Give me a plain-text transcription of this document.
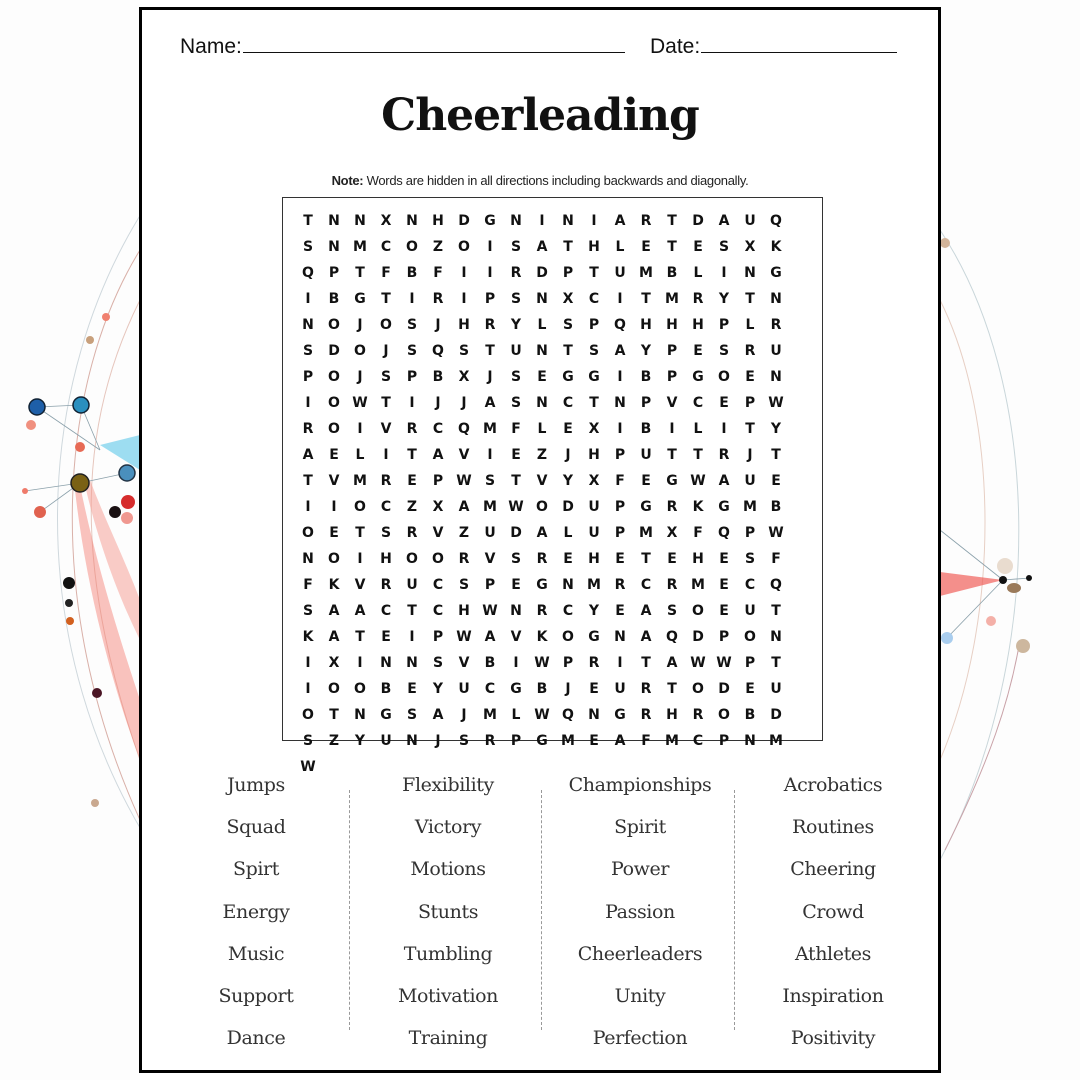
Name:	Date:
Cheerleading
Note: Words are hidden in all directions including backwards and diagonally.
T	N	N	X	N	H	D	G	N	I	N	I	A	R	T	D	A	U	Q
S	N M C	O	Z	O	I	S	A	T	H	L	E	T	E	S	X	K
Q	P	T	F	B	F	I	I	R	D	P	T	U M B	L	I	N	G
I	B	G	T	I	R	I	P	S	N	X	C	I	T	M R	Y	T	N
N	O	J	O	S	J	H	R	Y	L	S	P	Q	H	H	H	P	L	R
S	D	O	J	S	Q	S	T	U	N	T	S	A	Y	P	E	S	R	U
P	O	J	S	P	B	X	J	S	E	G	G	I	B	P	G	O	E	N
I	O W T	I	J	J	A	S	N	C	T	N	P	V	C	E	P W
R	O	I	V	R	C	Q M	F	L	E	X	I	B	I	L	I	T	Y
A	E	L	I	T	A	V	I	E	Z	J	H	P	U	T	T	R	J	T
T	V M R	E	P W S	T	V	Y	X	F	E	G W A	U	E
I	I	O	C	Z	X	A M W O	D	U	P	G	R	K	G M B
O	E	T	S	R	V	Z	U	D	A	L	U	P M X	F	Q	P W
N	O	I	H	O	O	R	V	S	R	E	H	E	T	E	H	E	S	F
F	K	V	R	U	C	S	P	E	G	N M R	C	R M	E	C	Q
S	A	A	C	T	C	H W N	R	C	Y	E	A	S	O	E	U	T
K	A	T	E	I	P W A	V	K	O	G	N	A	Q	D	P	O	N
I	X	I	N	N	S	V	B	I	W P	R	I	T	A W W P	T
I	O	O	B	E	Y	U	C	G	B	J	E	U	R	T	O	D	E	U
O	T	N	G	S	A	J	M	L W Q	N	G	R	H	R	O	B	D
S	Z	Y	U	N	J	S	R	P	G M	E	A	F	M C	P	N M
W
Jumps
Squad
Spirt
Energy
Music
Support
Dance
Flexibility
Victory
Motions
Stunts
Tumbling
Motivation
Training
Championships
Spirit
Power
Passion
Cheerleaders
Unity
Perfection
Acrobatics
Routines
Cheering
Crowd
Athletes
Inspiration
Positivity
